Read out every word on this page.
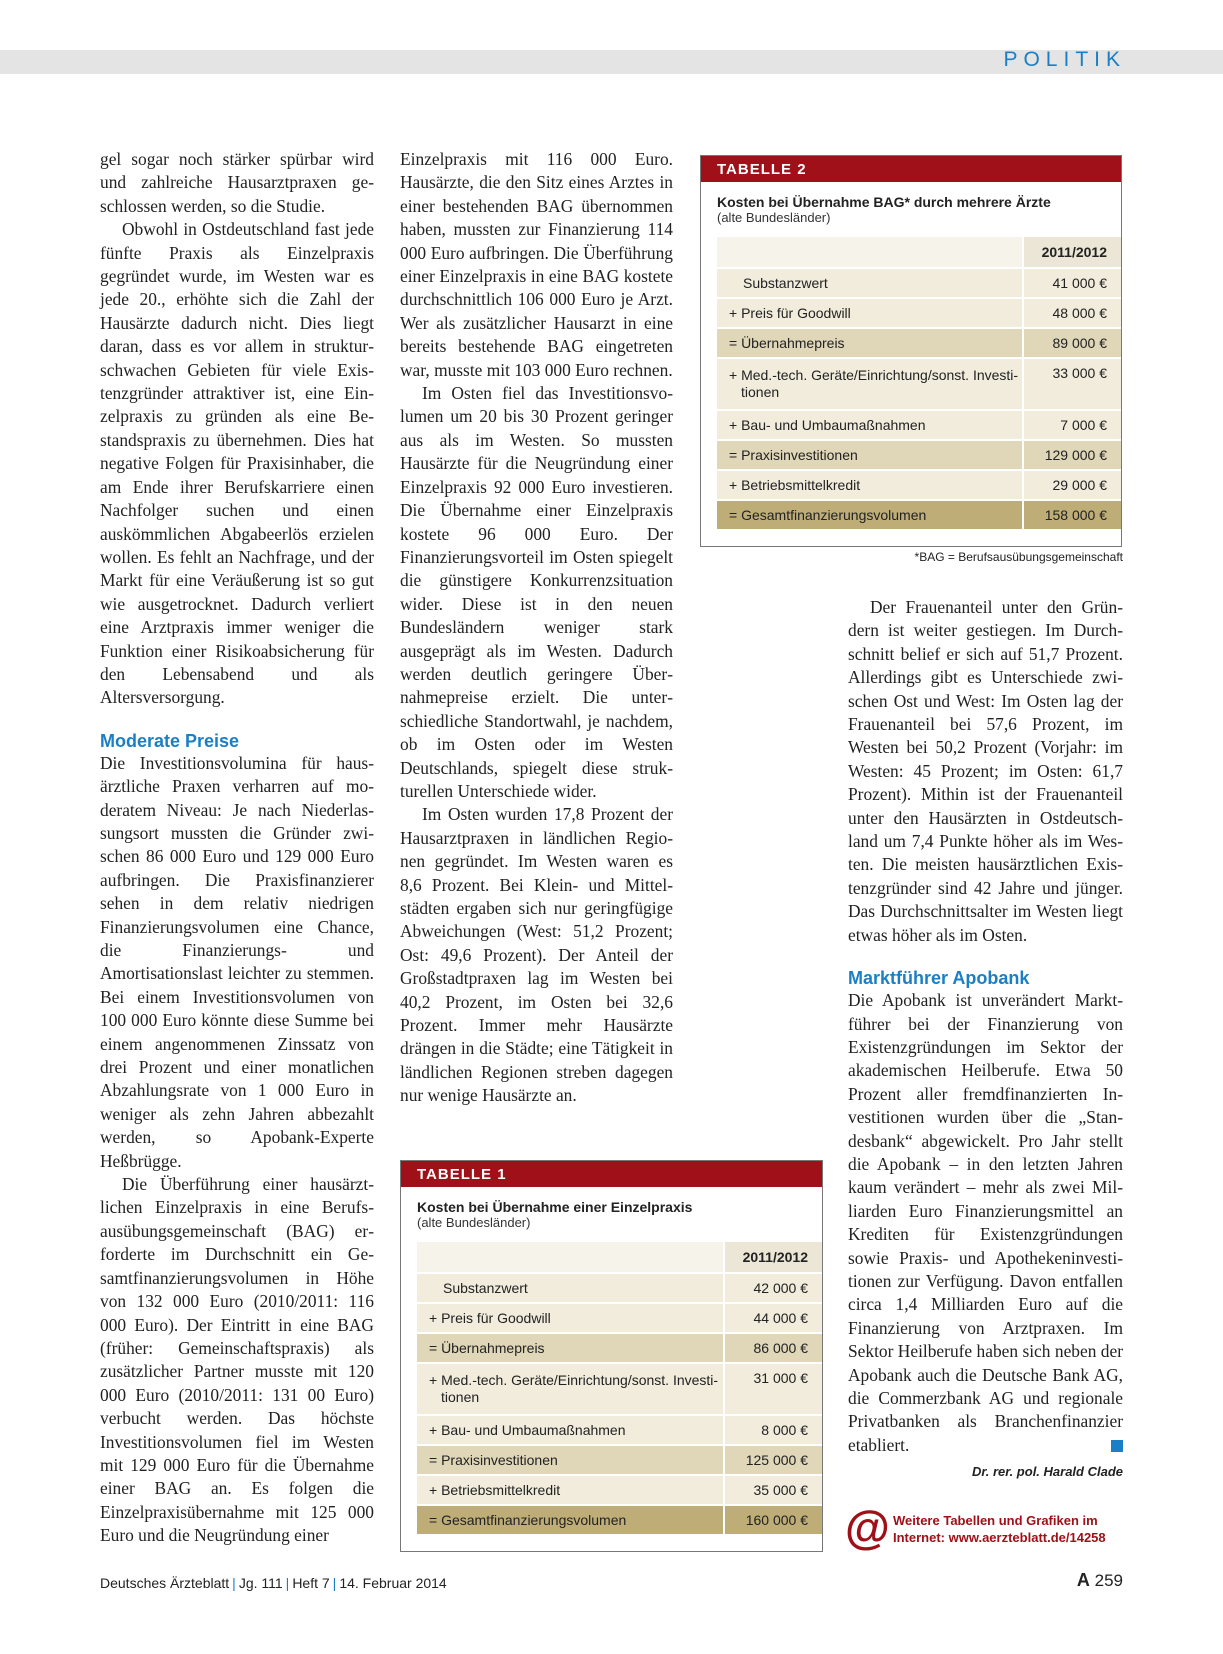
POLITIK

gel sogar noch stärker spürbar wird und zahlreiche Hausarztpraxen geschlossen werden, so die Studie.

Obwohl in Ostdeutschland fast jede fünfte Praxis als Einzelpraxis gegründet wurde, im Westen war es jede 20., erhöhte sich die Zahl der Hausärzte dadurch nicht. Dies liegt daran, dass es vor allem in strukturschwachen Gebieten für viele Existenzgründer attraktiver ist, eine Einzelpraxis zu gründen als eine Bestandspraxis zu übernehmen. Dies hat negative Folgen für Praxisinhaber, die am Ende ihrer Berufskarriere einen Nachfolger suchen und einen auskömmlichen Abgabeerlös erzielen wollen. Es fehlt an Nachfrage, und der Markt für eine Veräußerung ist so gut wie ausgetrocknet. Dadurch verliert eine Arztpraxis immer weniger die Funktion einer Risikoabsicherung für den Lebensabend und als Altersversorgung.

Moderate Preise

Die Investitionsvolumina für hausärztliche Praxen verharren auf moderatem Niveau: Je nach Niederlassungsort mussten die Gründer zwischen 86 000 Euro und 129 000 Euro aufbringen. Die Praxisfinanzierer sehen in dem relativ niedrigen Finanzierungsvolumen eine Chance, die Finanzierungs- und Amortisationslast leichter zu stemmen. Bei einem Investitionsvolumen von 100 000 Euro könnte diese Summe bei einem angenommenen Zinssatz von drei Prozent und einer monatlichen Abzahlungsrate von 1 000 Euro in weniger als zehn Jahren abbezahlt werden, so Apobank-Experte Heßbrügge.

Die Überführung einer hausärztlichen Einzelpraxis in eine Berufsausübungsgemeinschaft (BAG) erforderte im Durchschnitt ein Gesamtfinanzierungsvolumen in Höhe von 132 000 Euro (2010/2011: 116 000 Euro). Der Eintritt in eine BAG (früher: Gemeinschaftspraxis) als zusätzlicher Partner musste mit 120 000 Euro (2010/2011: 131 00 Euro) verbucht werden. Das höchste Investitionsvolumen fiel im Westen mit 129 000 Euro für die Übernahme einer BAG an. Es folgen die Einzelpraxisübernahme mit 125 000 Euro und die Neugründung einer

Einzelpraxis mit 116 000 Euro. Hausärzte, die den Sitz eines Arztes in einer bestehenden BAG übernommen haben, mussten zur Finanzierung 114 000 Euro aufbringen. Die Überführung einer Einzelpraxis in eine BAG kostete durchschnittlich 106 000 Euro je Arzt. Wer als zusätzlicher Hausarzt in eine bereits bestehende BAG eingetreten war, musste mit 103 000 Euro rechnen.

Im Osten fiel das Investitionsvolumen um 20 bis 30 Prozent geringer aus als im Westen. So mussten Hausärzte für die Neugründung einer Einzelpraxis 92 000 Euro investieren. Die Übernahme einer Einzelpraxis kostete 96 000 Euro. Der Finanzierungsvorteil im Osten spiegelt die günstigere Konkurrenzsituation wider. Diese ist in den neuen Bundesländern weniger stark ausgeprägt als im Westen. Dadurch werden deutlich geringere Übernahmepreise erzielt. Die unterschiedliche Standortwahl, je nachdem, ob im Osten oder im Westen Deutschlands, spiegelt diese strukturellen Unterschiede wider.

Im Osten wurden 17,8 Prozent der Hausarztpraxen in ländlichen Regionen gegründet. Im Westen waren es 8,6 Prozent. Bei Klein- und Mittelstädten ergaben sich nur geringfügige Abweichungen (West: 51,2 Prozent; Ost: 49,6 Prozent). Der Anteil der Großstadtpraxen lag im Westen bei 40,2 Prozent, im Osten bei 32,6 Prozent. Immer mehr Hausärzte drängen in die Städte; eine Tätigkeit in ländlichen Regionen streben dagegen nur wenige Hausärzte an.

TABELLE 2
Kosten bei Übernahme BAG* durch mehrere Ärzte
(alte Bundesländer)
	2011/2012
Substanzwert	41 000 €
+ Preis für Goodwill	48 000 €
= Übernahmepreis	89 000 €
+ Med.-tech. Geräte/Einrichtung/sonst. Investi-
tionen	33 000 €
+ Bau- und Umbaumaßnahmen	7 000 €
= Praxisinvestitionen	129 000 €
+ Betriebsmittelkredit	29 000 €
= Gesamtfinanzierungsvolumen	158 000 €
*BAG = Berufsausübungsgemeinschaft

Der Frauenanteil unter den Gründern ist weiter gestiegen. Im Durchschnitt belief er sich auf 51,7 Prozent. Allerdings gibt es Unterschiede zwischen Ost und West: Im Osten lag der Frauenanteil bei 57,6 Prozent, im Westen bei 50,2 Prozent (Vorjahr: im Westen: 45 Prozent; im Osten: 61,7 Prozent). Mithin ist der Frauenanteil unter den Hausärzten in Ostdeutschland um 7,4 Punkte höher als im Westen. Die meisten hausärztlichen Existenzgründer sind 42 Jahre und jünger. Das Durchschnittsalter im Westen liegt etwas höher als im Osten.

Marktführer Apobank

Die Apobank ist unverändert Marktführer bei der Finanzierung von Existenzgründungen im Sektor der akademischen Heilberufe. Etwa 50 Prozent aller fremdfinanzierten Investitionen wurden über die „Standesbank“ abgewickelt. Pro Jahr stellt die Apobank – in den letzten Jahren kaum verändert – mehr als zwei Milliarden Euro Finanzierungsmittel an Krediten für Existenzgründungen sowie Praxis- und Apothekeninvestitionen zur Verfügung. Davon entfallen circa 1,4 Milliarden Euro auf die Finanzierung von Arztpraxen. Im Sektor Heilberufe haben sich neben der Apobank auch die Deutsche Bank AG, die Commerzbank AG und regionale Privatbanken als Branchenfinanzier etabliert.

Dr. rer. pol. Harald Clade
TABELLE 1
Kosten bei Übernahme einer Einzelpraxis
(alte Bundesländer)
	2011/2012
Substanzwert	42 000 €
+ Preis für Goodwill	44 000 €
= Übernahmepreis	86 000 €
+ Med.-tech. Geräte/Einrichtung/sonst. Investi-
tionen	31 000 €
+ Bau- und Umbaumaßnahmen	8 000 €
= Praxisinvestitionen	125 000 €
+ Betriebsmittelkredit	35 000 €
= Gesamtfinanzierungsvolumen	160 000 € @ Weitere Tabellen und Grafiken im
Internet: www.aerzteblatt.de/14258
Deutsches Ärzteblatt | Jg. 111 | Heft 7 | 14. Februar 2014	A 259
